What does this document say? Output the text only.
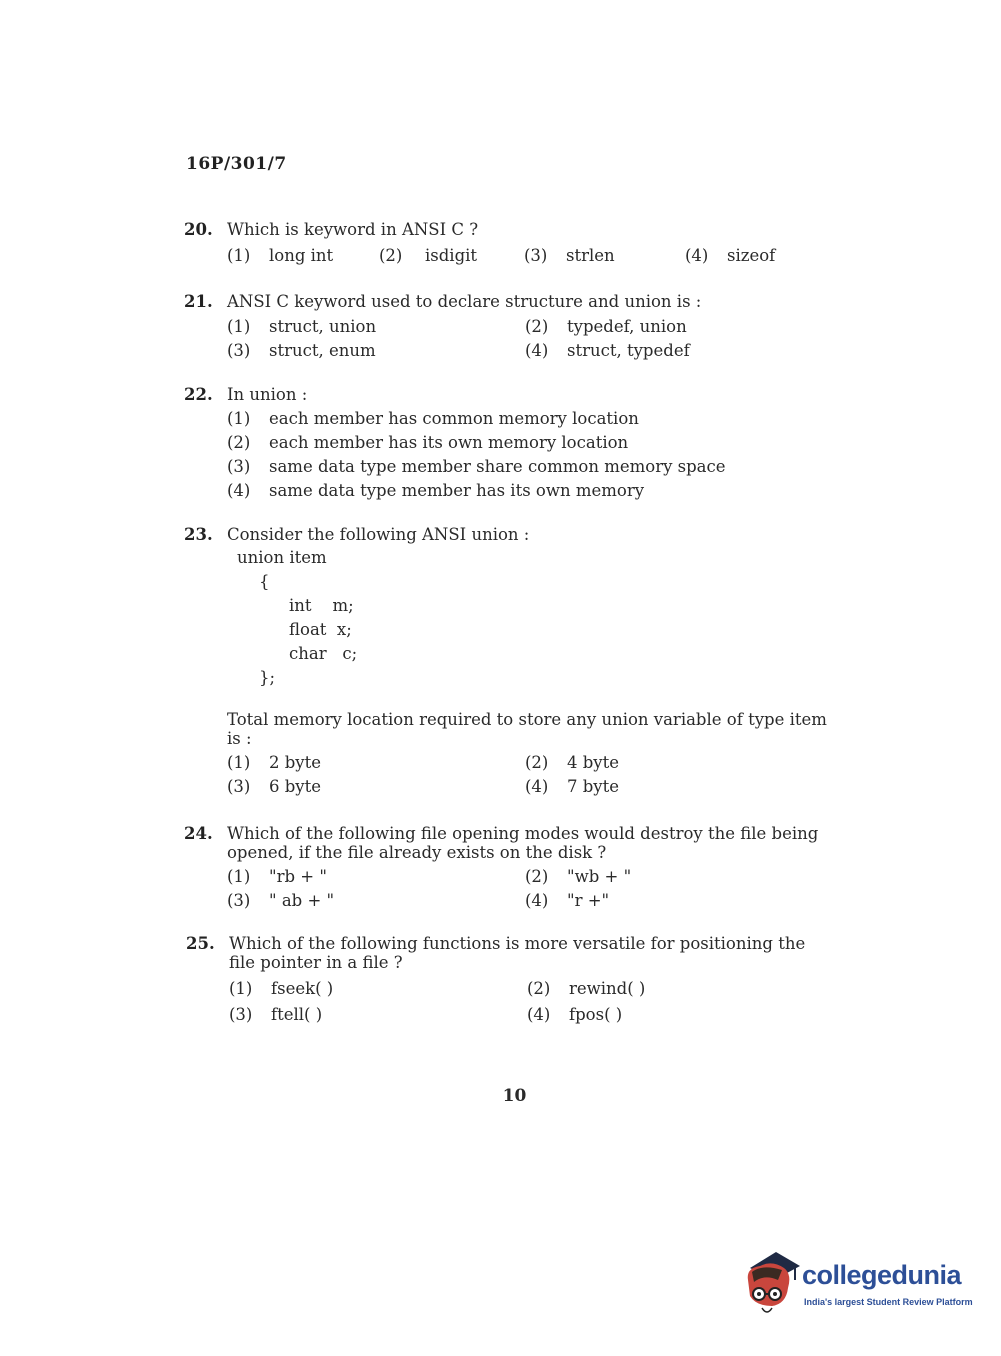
16P/301/7
20. Which is keyword in ANSI C ?
(1)	long int	(2)	isdigit	(3)	strlen	(4)	sizeof
21. ANSI C keyword used to declare structure and union is :
(1)	struct, union	(2)	typedef, union
(3)	struct, enum	(4)	struct, typedef
22. In union :
(1)	each member has common memory location
(2)	each member has its own memory location
(3)	same data type member share common memory space
(4)	same data type member has its own memory
23. Consider the following ANSI union :
union item
{
int    m;
float  x;
char   c;
};
Total memory location required to store any union variable of type item is :
(1)	2 byte	(2)	4 byte
(3)	6 byte	(4)	7 byte
24. Which of the following file opening modes would destroy the file being opened, if the file already exists on the disk ?
(1)	"rb + "	(2)	"wb + "
(3)	" ab + "	(4)	"r +"
25. Which of the following functions is more versatile for positioning the file pointer in a file ?
(1)	fseek( )	(2)	rewind( )
(3)	ftell( )	(4)	fpos( )
10
collegedunia
India's largest Student Review Platform
